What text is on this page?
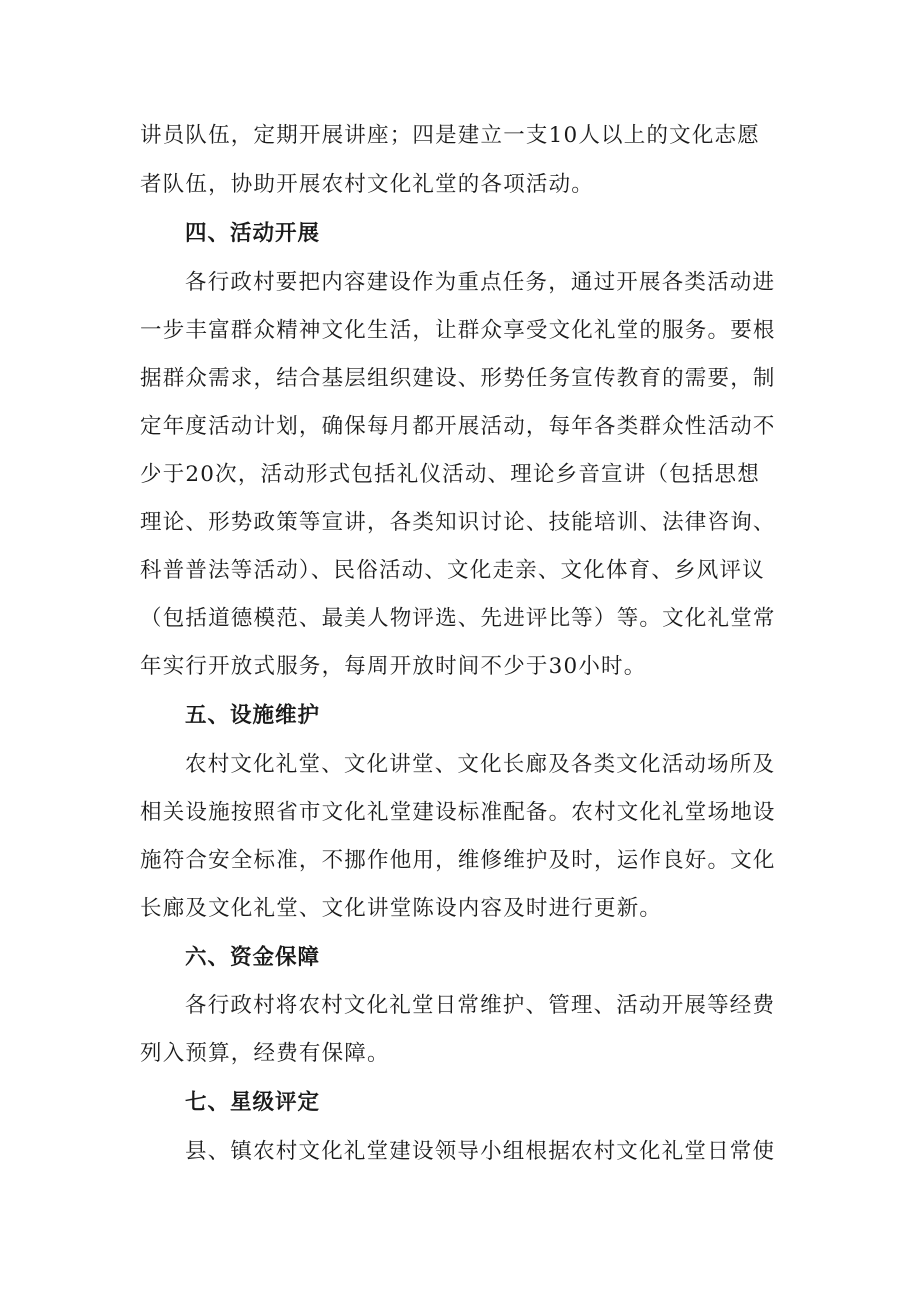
讲员队伍，定期开展讲座；四是建立一支10人以上的文化志愿
者队伍，协助开展农村文化礼堂的各项活动。
四、活动开展
各行政村要把内容建设作为重点任务，通过开展各类活动进
一步丰富群众精神文化生活，让群众享受文化礼堂的服务。要根
据群众需求，结合基层组织建设、形势任务宣传教育的需要，制
定年度活动计划，确保每月都开展活动，每年各类群众性活动不
少于20次，活动形式包括礼仪活动、理论乡音宣讲（包括思想
理论、形势政策等宣讲，各类知识讨论、技能培训、法律咨询、
科普普法等活动）、民俗活动、文化走亲、文化体育、乡风评议
（包括道德模范、最美人物评选、先进评比等）等。文化礼堂常
年实行开放式服务，每周开放时间不少于30小时。
五、设施维护
农村文化礼堂、文化讲堂、文化长廊及各类文化活动场所及
相关设施按照省市文化礼堂建设标准配备。农村文化礼堂场地设
施符合安全标准，不挪作他用，维修维护及时，运作良好。文化
长廊及文化礼堂、文化讲堂陈设内容及时进行更新。
六、资金保障
各行政村将农村文化礼堂日常维护、管理、活动开展等经费
列入预算，经费有保障。
七、星级评定
县、镇农村文化礼堂建设领导小组根据农村文化礼堂日常使
